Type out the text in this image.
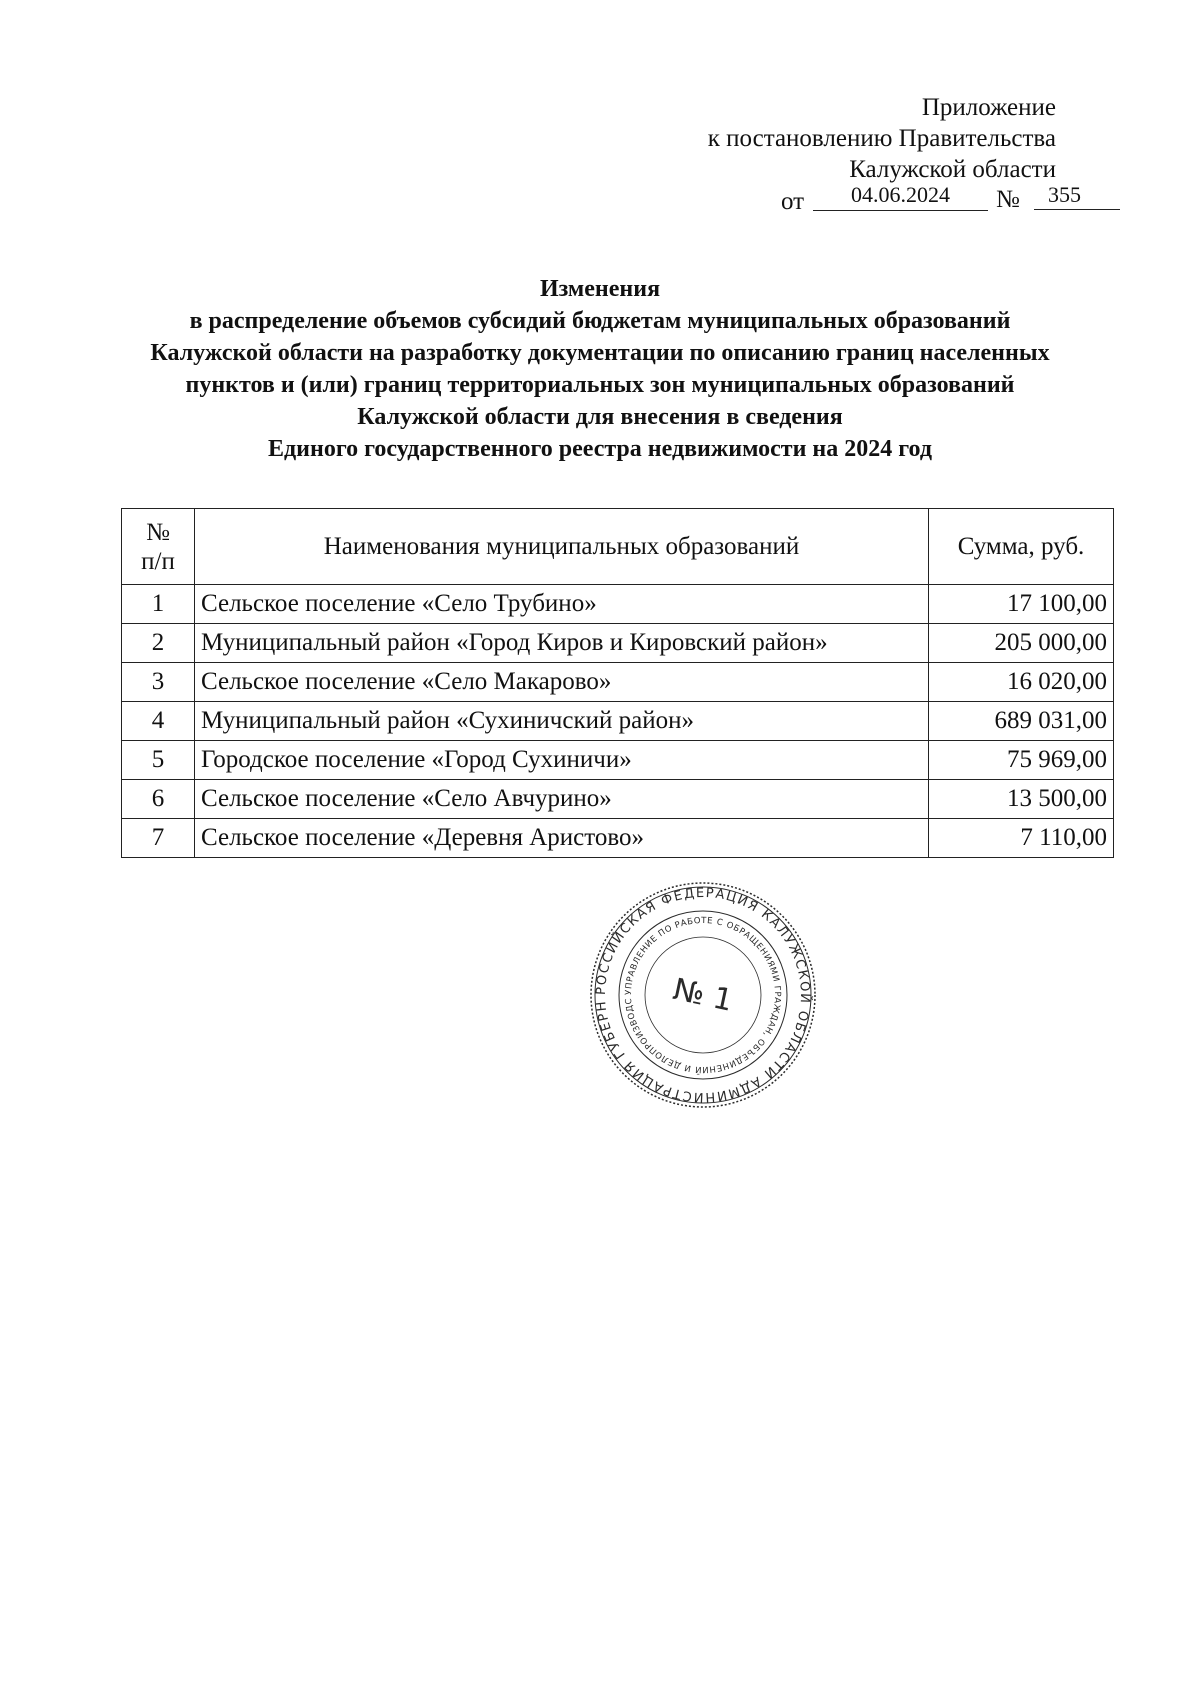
Приложение
к постановлению Правительства
Калужской области
от	04.06.2024	№	355
Изменения
в распределение объемов субсидий бюджетам муниципальных образований
Калужской области на разработку документации по описанию границ населенных
пунктов и (или) границ территориальных зон муниципальных образований
Калужской области для внесения в сведения
Единого государственного реестра недвижимости на 2024 год
№
п/п	Наименования муниципальных образований	Сумма, руб.
1	Сельское поселение «Село Трубино»	17 100,00
2	Муниципальный район «Город Киров и Кировский район»	205 000,00
3	Сельское поселение «Село Макарово»	16 020,00
4	Муниципальный район «Сухиничский район»	689 031,00
5	Городское поселение «Город Сухиничи»	75 969,00
6	Сельское поселение «Село Авчурино»	13 500,00
7	Сельское поселение «Деревня Аристово»	7 110,00
РОССИЙСКАЯ ФЕДЕРАЦИЯ КАЛУЖСКОЙ ОБЛАСТИ АДМИНИСТРАЦИЯ ГУБЕРН
УПРАВЛЕНИЕ ПО РАБОТЕ С ОБРАЩЕНИЯМИ ГРАЖДАН, ОБЪЕДИНЕНИЙ И ДЕЛОПРОИЗВОДС	№ 1
